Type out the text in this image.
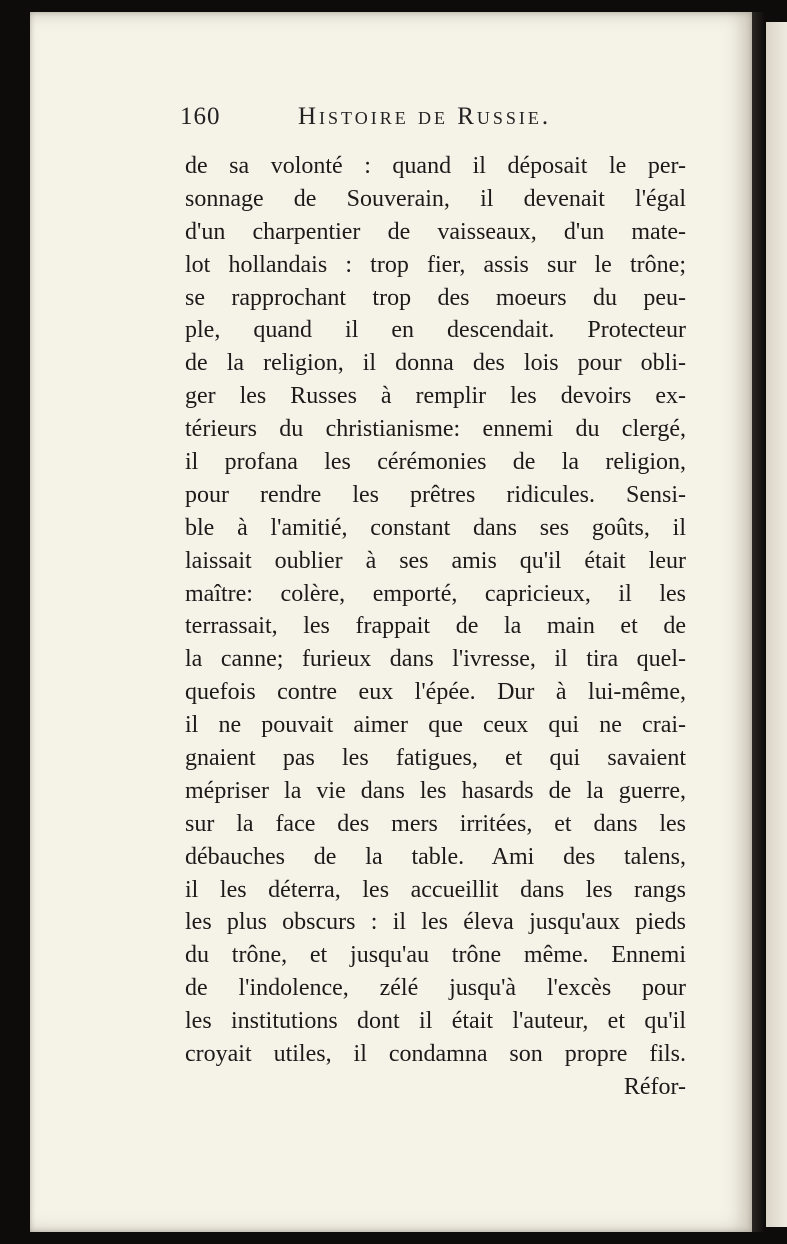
160	Histoire de Russie.
de sa volonté : quand il déposait le per-
sonnage de Souverain, il devenait l'égal
d'un charpentier de vaisseaux, d'un mate-
lot hollandais : trop fier, assis sur le trône;
se rapprochant trop des moeurs du peu-
ple, quand il en descendait. Protecteur
de la religion, il donna des lois pour obli-
ger les Russes à remplir les devoirs ex-
térieurs du christianisme: ennemi du clergé,
il profana les cérémonies de la religion,
pour rendre les prêtres ridicules. Sensi-
ble à l'amitié, constant dans ses goûts, il
laissait oublier à ses amis qu'il était leur
maître: colère, emporté, capricieux, il les
terrassait, les frappait de la main et de
la canne; furieux dans l'ivresse, il tira quel-
quefois contre eux l'épée. Dur à lui-même,
il ne pouvait aimer que ceux qui ne crai-
gnaient pas les fatigues, et qui savaient
mépriser la vie dans les hasards de la guerre,
sur la face des mers irritées, et dans les
débauches de la table. Ami des talens,
il les déterra, les accueillit dans les rangs
les plus obscurs : il les éleva jusqu'aux pieds
du trône, et jusqu'au trône même. Ennemi
de l'indolence, zélé jusqu'à l'excès pour
les institutions dont il était l'auteur, et qu'il
croyait utiles, il condamna son propre fils.
Réfor-
